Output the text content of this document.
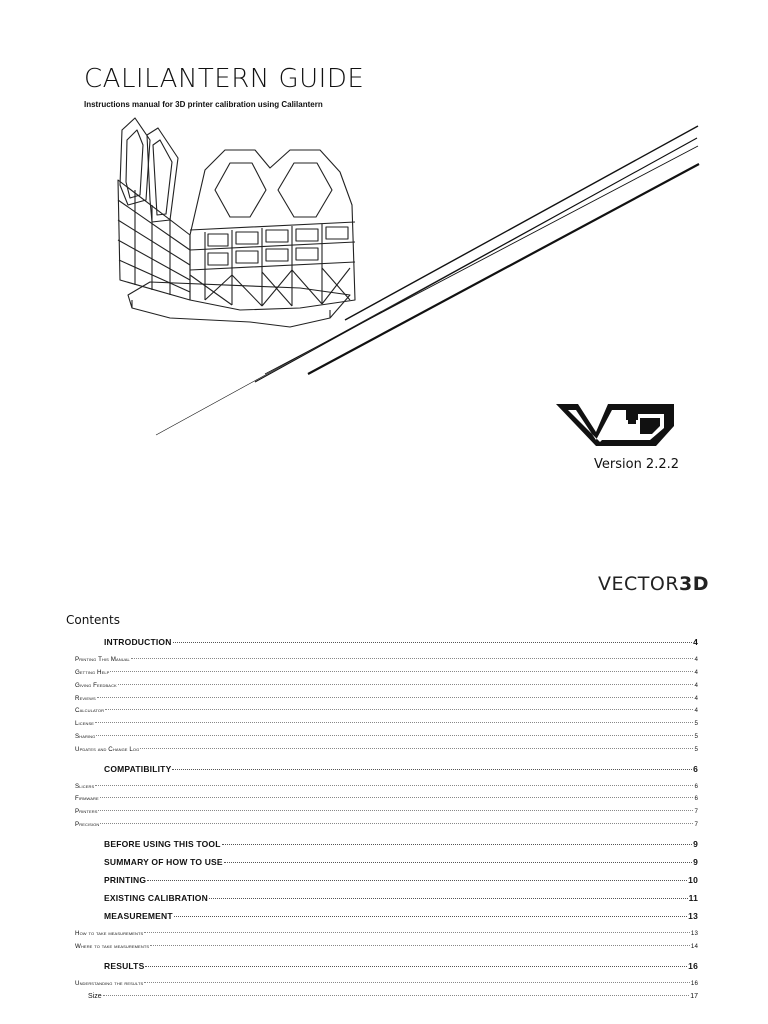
CALILANTERN GUIDE
Instructions manual for 3D printer calibration using Calilantern
Version 2.2.2
VECTOR3D
Contents
INTRODUCTION	4
Printing This Manual	4
Getting Help	4
Giving Feedback	4
Reviews	4
Calculator	4
License	5
Sharing	5
Updates and Change Log	5
COMPATIBILITY	6
Slicers	6
Firmware	6
Printers	7
Precision	7
BEFORE USING THIS TOOL	9
SUMMARY OF HOW TO USE	9
PRINTING	10
EXISTING CALIBRATION	11
MEASUREMENT	13
How to take measurements	13
Where to take measurements	14
RESULTS	16
Understanding the results	16
Size	17
